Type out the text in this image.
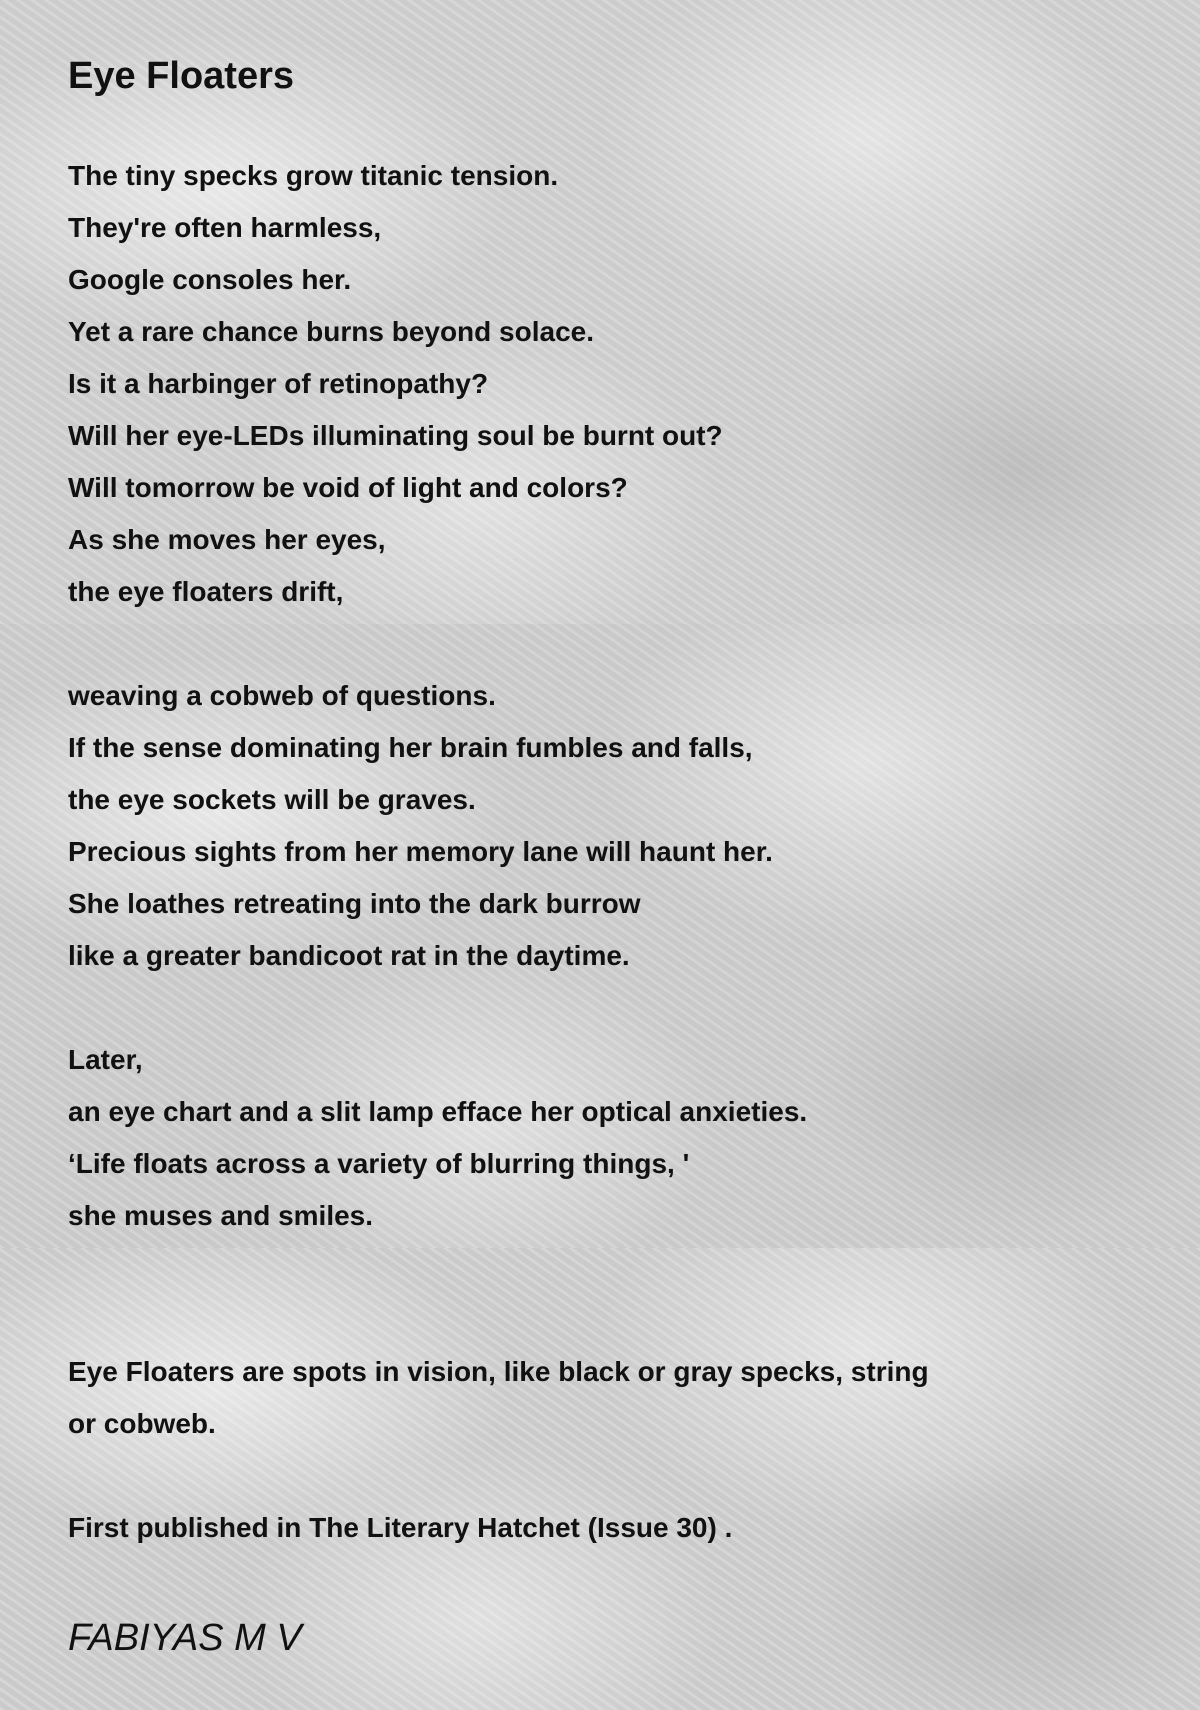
Eye Floaters
The tiny specks grow titanic tension.
They're often harmless,
Google consoles her.
Yet a rare chance burns beyond solace.
Is it a harbinger of retinopathy?
Will her eye-LEDs illuminating soul be burnt out?
Will tomorrow be void of light and colors?
As she moves her eyes,
the eye floaters drift,
weaving a cobweb of questions.
If the sense dominating her brain fumbles and falls,
the eye sockets will be graves.
Precious sights from her memory lane will haunt her.
She loathes retreating into the dark burrow
like a greater bandicoot rat in the daytime.
Later,
an eye chart and a slit lamp efface her optical anxieties.
‘Life floats across a variety of blurring things, '
she muses and smiles.
Eye Floaters are spots in vision, like black or gray specks, string
or cobweb.
First published in The Literary Hatchet (Issue 30) .
FABIYAS M V
